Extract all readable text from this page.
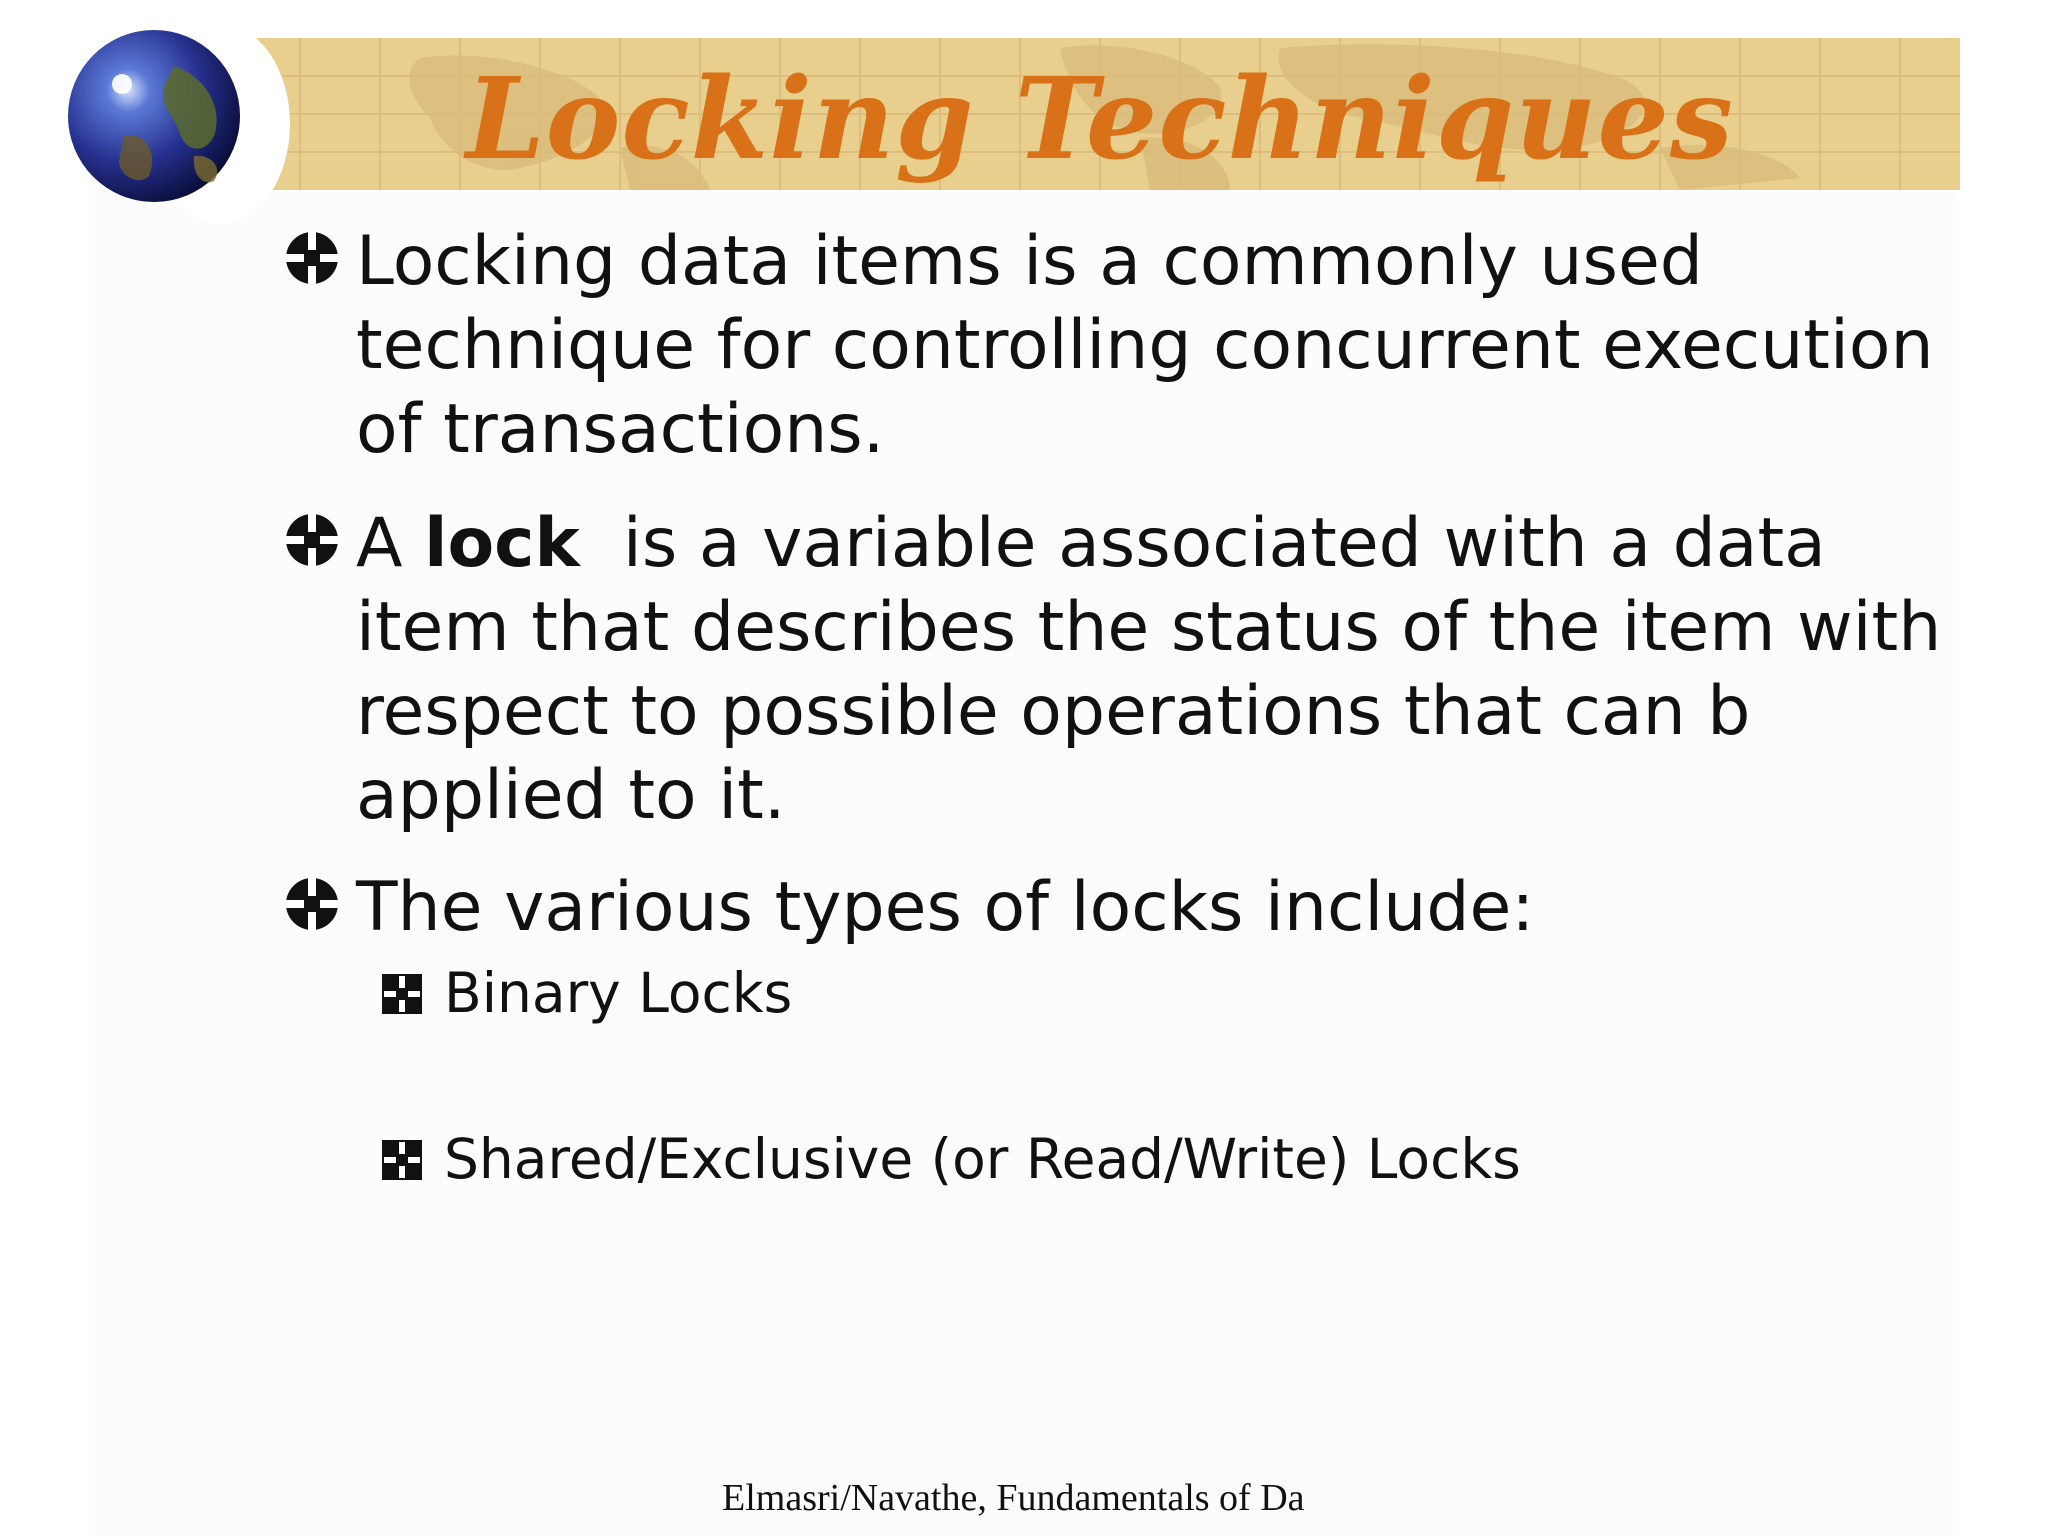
Locking Techniques
Locking data items is a commonly used technique for controlling concurrent execution of transactions.
A lock  is a variable associated with a data item that describes the status of the item with respect to possible operations that can b applied to it.
The various types of locks include:
Binary Locks
Shared/Exclusive (or Read/Write) Locks
Elmasri/Navathe, Fundamentals of Da
